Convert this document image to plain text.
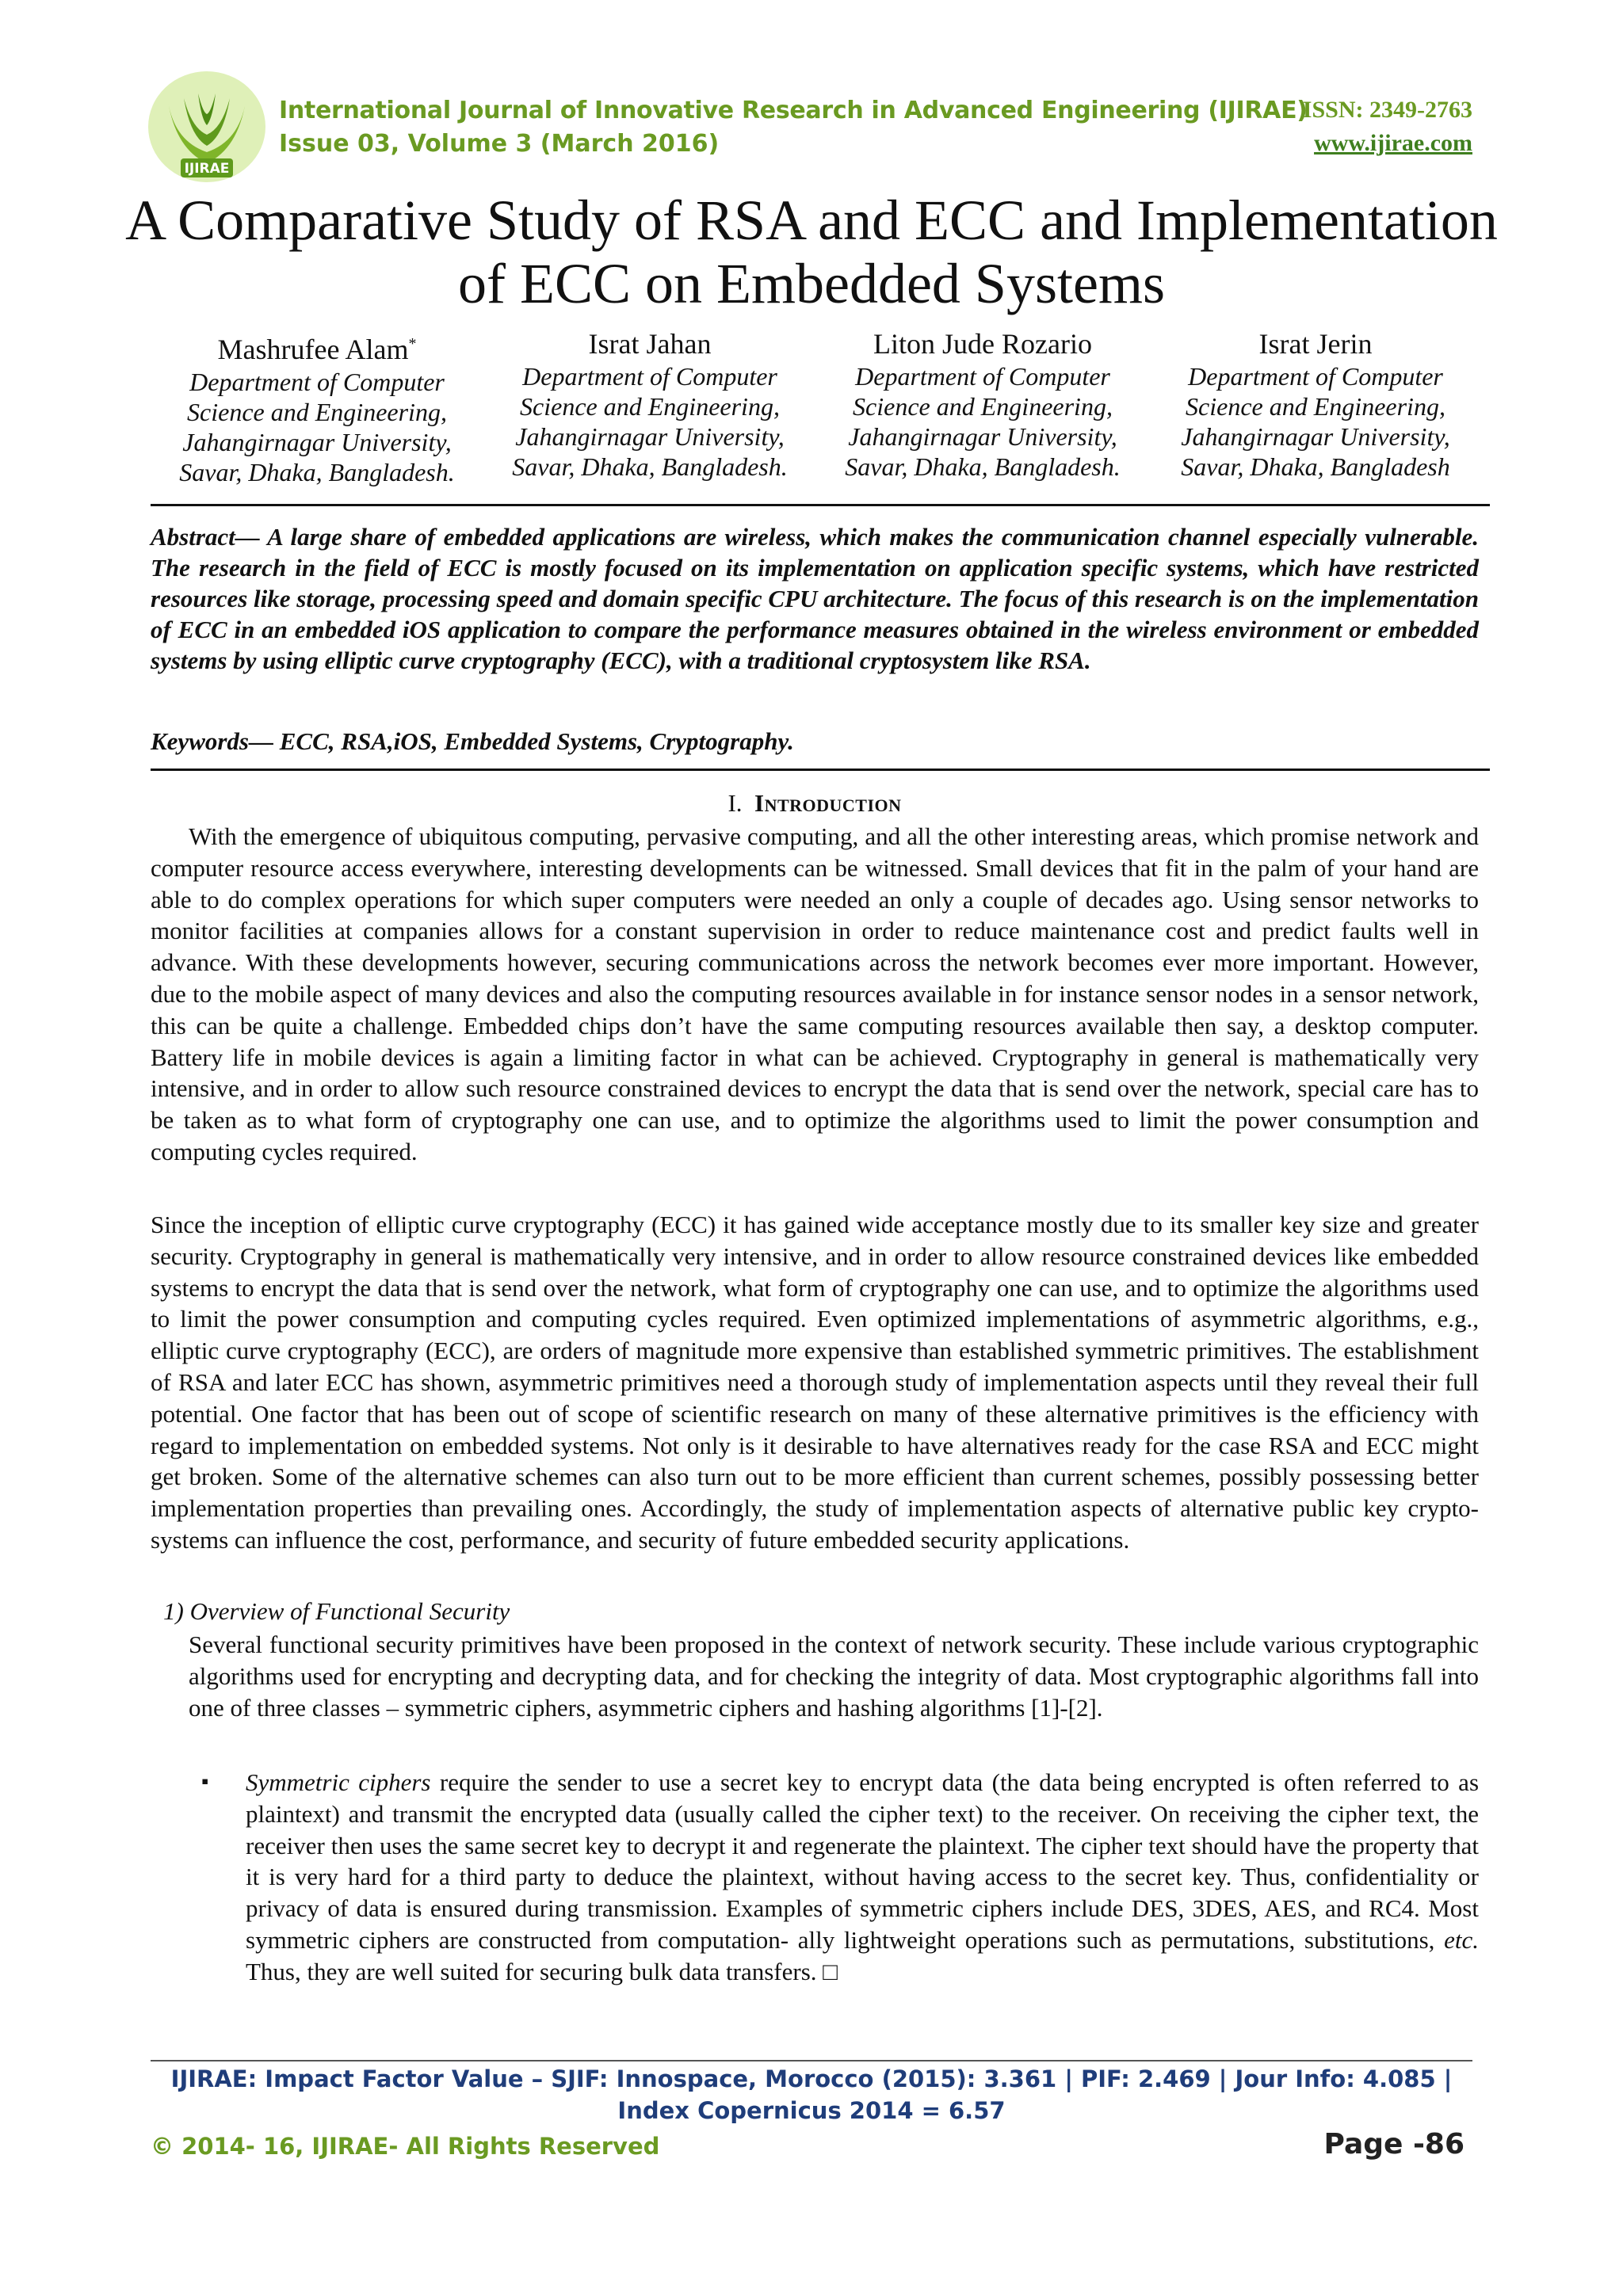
IJIRAE
International Journal of Innovative Research in Advanced Engineering (IJIRAE)
Issue 03, Volume 3 (March 2016)
ISSN: 2349-2763
www.ijirae.com
A Comparative Study of RSA and ECC and Implementation
of ECC on Embedded Systems
Mashrufee Alam*
Department of Computer
Science and Engineering,
Jahangirnagar University,
Savar, Dhaka, Bangladesh.
Israt Jahan
Department of Computer
Science and Engineering,
Jahangirnagar University,
Savar, Dhaka, Bangladesh.
Liton Jude Rozario
Department of Computer
Science and Engineering,
Jahangirnagar University,
Savar, Dhaka, Bangladesh.
Israt Jerin
Department of Computer
Science and Engineering,
Jahangirnagar University,
Savar, Dhaka, Bangladesh
Abstract— A large share of embedded applications are wireless, which makes the communication channel especially vulnerable. The research in the field of ECC is mostly focused on its implementation on application specific systems, which have restricted resources like storage, processing speed and domain specific CPU architecture. The focus of this research is on the implementation of ECC in an embedded iOS application to compare the performance measures obtained in the wireless environment or embedded systems by using elliptic curve cryptography (ECC), with a traditional cryptosystem like RSA.
Keywords— ECC, RSA,iOS, Embedded Systems, Cryptography.
I. Introduction
With the emergence of ubiquitous computing, pervasive computing, and all the other interesting areas, which promise network and computer resource access everywhere, interesting developments can be witnessed. Small devices that fit in the palm of your hand are able to do complex operations for which super computers were needed an only a couple of decades ago. Using sensor networks to monitor facilities at companies allows for a constant supervision in order to reduce maintenance cost and predict faults well in advance. With these developments however, securing communications across the network becomes ever more important. However, due to the mobile aspect of many devices and also the computing resources available in for instance sensor nodes in a sensor network, this can be quite a challenge. Embedded chips don’t have the same computing resources available then say, a desktop computer. Battery life in mobile devices is again a limiting factor in what can be achieved. Cryptography in general is mathematically very intensive, and in order to allow such resource constrained devices to encrypt the data that is send over the network, special care has to be taken as to what form of cryptography one can use, and to optimize the algorithms used to limit the power consumption and computing cycles required.
Since the inception of elliptic curve cryptography (ECC) it has gained wide acceptance mostly due to its smaller key size and greater security. Cryptography in general is mathematically very intensive, and in order to allow resource constrained devices like embedded systems to encrypt the data that is send over the network, what form of cryptography one can use, and to optimize the algorithms used to limit the power consumption and computing cycles required. Even optimized implementations of asymmetric algorithms, e.g., elliptic curve cryptography (ECC), are orders of magnitude more expensive than established symmetric primitives. The establishment of RSA and later ECC has shown, asymmetric primitives need a thorough study of implementation aspects until they reveal their full potential. One factor that has been out of scope of scientific research on many of these alternative primitives is the efficiency with regard to implementation on embedded systems. Not only is it desirable to have alternatives ready for the case RSA and ECC might get broken. Some of the alternative schemes can also turn out to be more efficient than current schemes, possibly possessing better implementation properties than prevailing ones. Accordingly, the study of implementation aspects of alternative public key crypto- systems can influence the cost, performance, and security of future embedded security applications.
1) Overview of Functional Security
Several functional security primitives have been proposed in the context of network security. These include various cryptographic algorithms used for encrypting and decrypting data, and for checking the integrity of data. Most cryptographic algorithms fall into one of three classes – symmetric ciphers, asymmetric ciphers and hashing algorithms [1]-[2].
▪ Symmetric ciphers require the sender to use a secret key to encrypt data (the data being encrypted is often referred to as plaintext) and transmit the encrypted data (usually called the cipher text) to the receiver. On receiving the cipher text, the receiver then uses the same secret key to decrypt it and regenerate the plaintext. The cipher text should have the property that it is very hard for a third party to deduce the plaintext, without having access to the secret key. Thus, confidentiality or privacy of data is ensured during transmission. Examples of symmetric ciphers include DES, 3DES, AES, and RC4. Most symmetric ciphers are constructed from computation- ally lightweight operations such as permutations, substitutions, etc. Thus, they are well suited for securing bulk data transfers. □
IJIRAE: Impact Factor Value – SJIF: Innospace, Morocco (2015): 3.361 | PIF: 2.469 | Jour Info: 4.085 |
Index Copernicus 2014 = 6.57
© 2014- 16, IJIRAE- All Rights Reserved	Page -86
